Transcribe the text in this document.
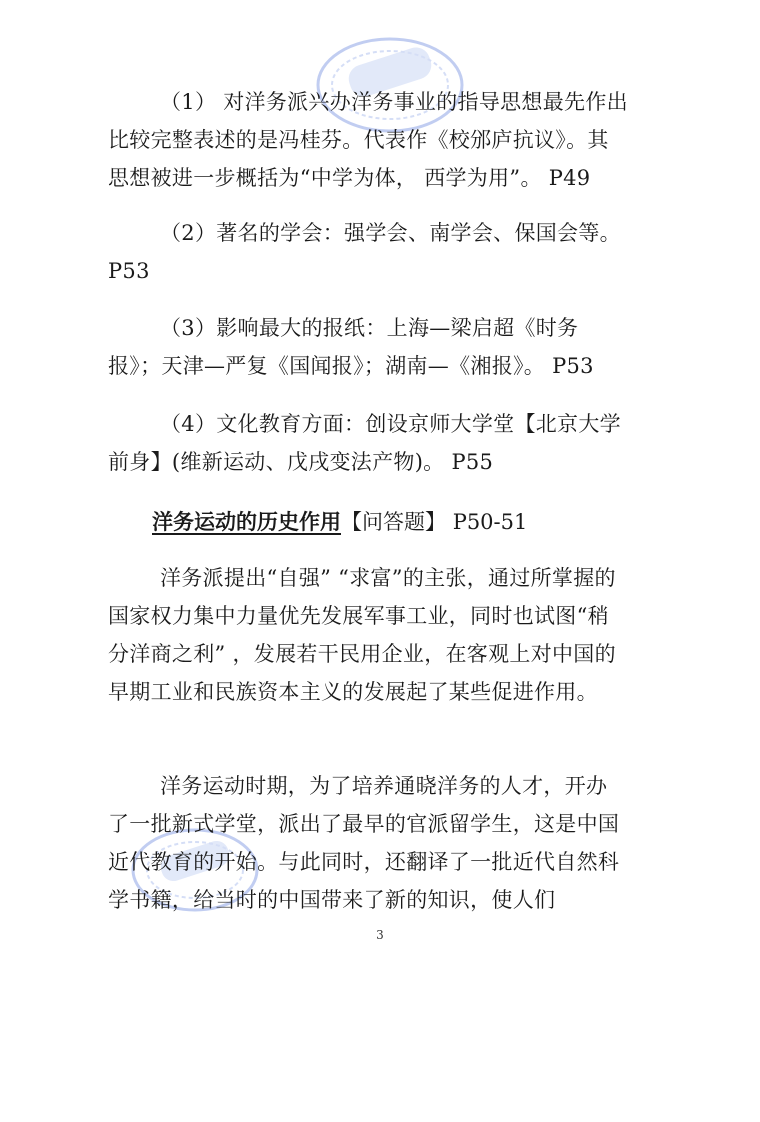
（1） 对洋务派兴办洋务事业的指导思想最先作出比较完整表述的是冯桂芬。代表作《校邠庐抗议》。其思想被进一步概括为“中学为体， 西学为用”。 P49

（2）著名的学会：强学会、南学会、保国会等。 P53

（3）影响最大的报纸：上海—梁启超《时务报》；天津—严复《国闻报》；湖南—《湘报》。 P53

（4）文化教育方面：创设京师大学堂【北京大学前身】(维新运动、戊戌变法产物)。 P55

洋务运动的历史作用【问答题】 P50-51

洋务派提出“自强” “求富”的主张，通过所掌握的国家权力集中力量优先发展军事工业，同时也试图“稍分洋商之利” ，发展若干民用企业，在客观上对中国的早期工业和民族资本主义的发展起了某些促进作用。

洋务运动时期，为了培养通晓洋务的人才，开办了一批新式学堂，派出了最早的官派留学生，这是中国近代教育的开始。与此同时，还翻译了一批近代自然科学书籍，给当时的中国带来了新的知识，使人们

3
